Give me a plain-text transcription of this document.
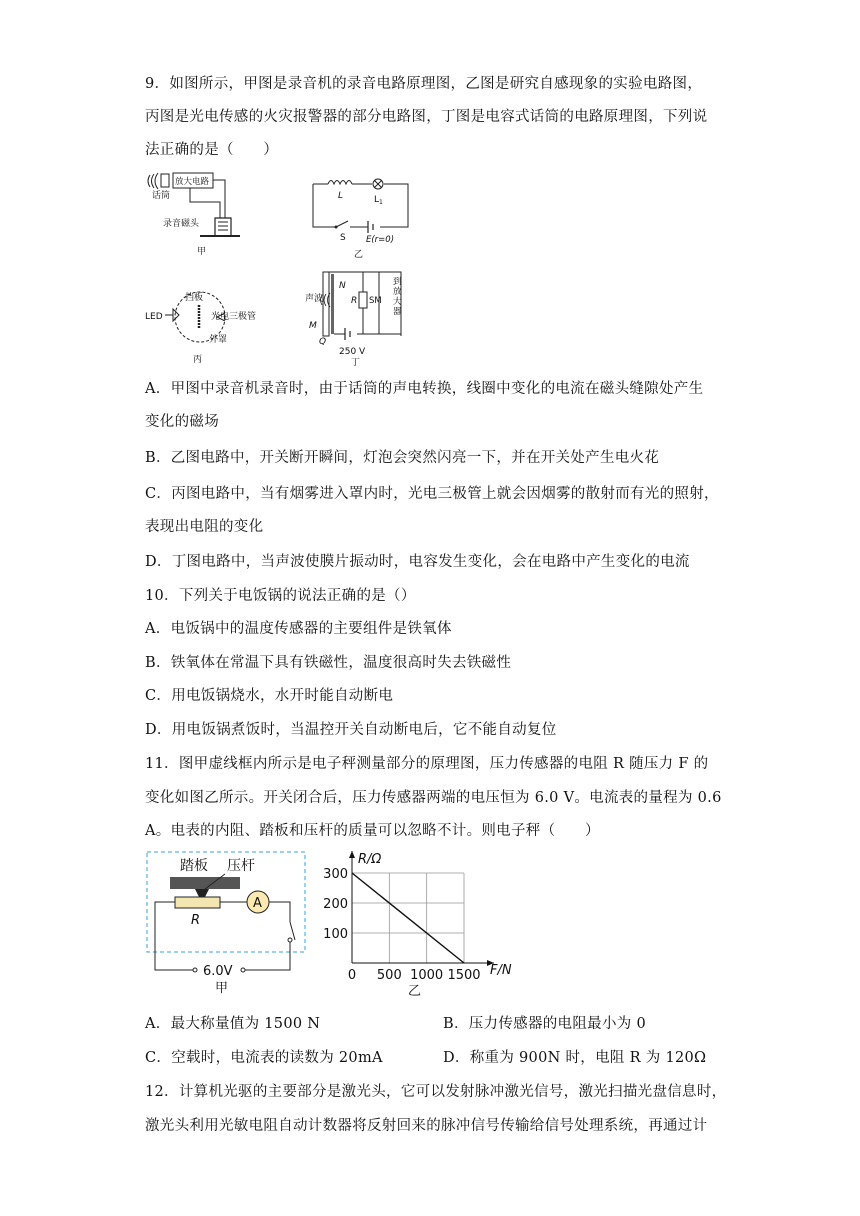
9．如图所示，甲图是录音机的录音电路原理图，乙图是研究自感现象的实验电路图，
丙图是光电传感的火灾报警器的部分电路图，丁图是电容式话筒的电路原理图，下列说
法正确的是（　　）
放大电路
话筒
录音磁头
甲
L	$L_1$
S E(r=0)
乙
挡板
LED	光电三极管
外罩
丙
声波
N
R SM
到放大器
M
Q
250 V
丁
A．甲图中录音机录音时，由于话筒的声电转换，线圈中变化的电流在磁头缝隙处产生
变化的磁场
B．乙图电路中，开关断开瞬间，灯泡会突然闪亮一下，并在开关处产生电火花
C．丙图电路中，当有烟雾进入罩内时，光电三极管上就会因烟雾的散射而有光的照射，
表现出电阻的变化
D．丁图电路中，当声波使膜片振动时，电容发生变化，会在电路中产生变化的电流
10．下列关于电饭锅的说法正确的是（）
A．电饭锅中的温度传感器的主要组件是铁氧体
B．铁氧体在常温下具有铁磁性，温度很高时失去铁磁性
C．用电饭锅烧水，水开时能自动断电
D．用电饭锅煮饭时，当温控开关自动断电后，它不能自动复位
11．图甲虚线框内所示是电子秤测量部分的原理图，压力传感器的电阻 R 随压力 F 的
变化如图乙所示。开关闭合后，压力传感器两端的电压恒为 6.0 V。电流表的量程为 0.6
A。电表的内阻、踏板和压杆的质量可以忽略不计。则电子秤（　　）
踏板 压杆
R
A
6.0V
甲
0 500 1000 1500
100
200
300
R/Ω
F/N
乙
A．最大称量值为 1500 N	B．压力传感器的电阻最小为 0
C．空载时，电流表的读数为 20mA	D．称重为 900N 时，电阻 R 为 120Ω
12．计算机光驱的主要部分是激光头，它可以发射脉冲激光信号，激光扫描光盘信息时，
激光头利用光敏电阻自动计数器将反射回来的脉冲信号传输给信号处理系统，再通过计
